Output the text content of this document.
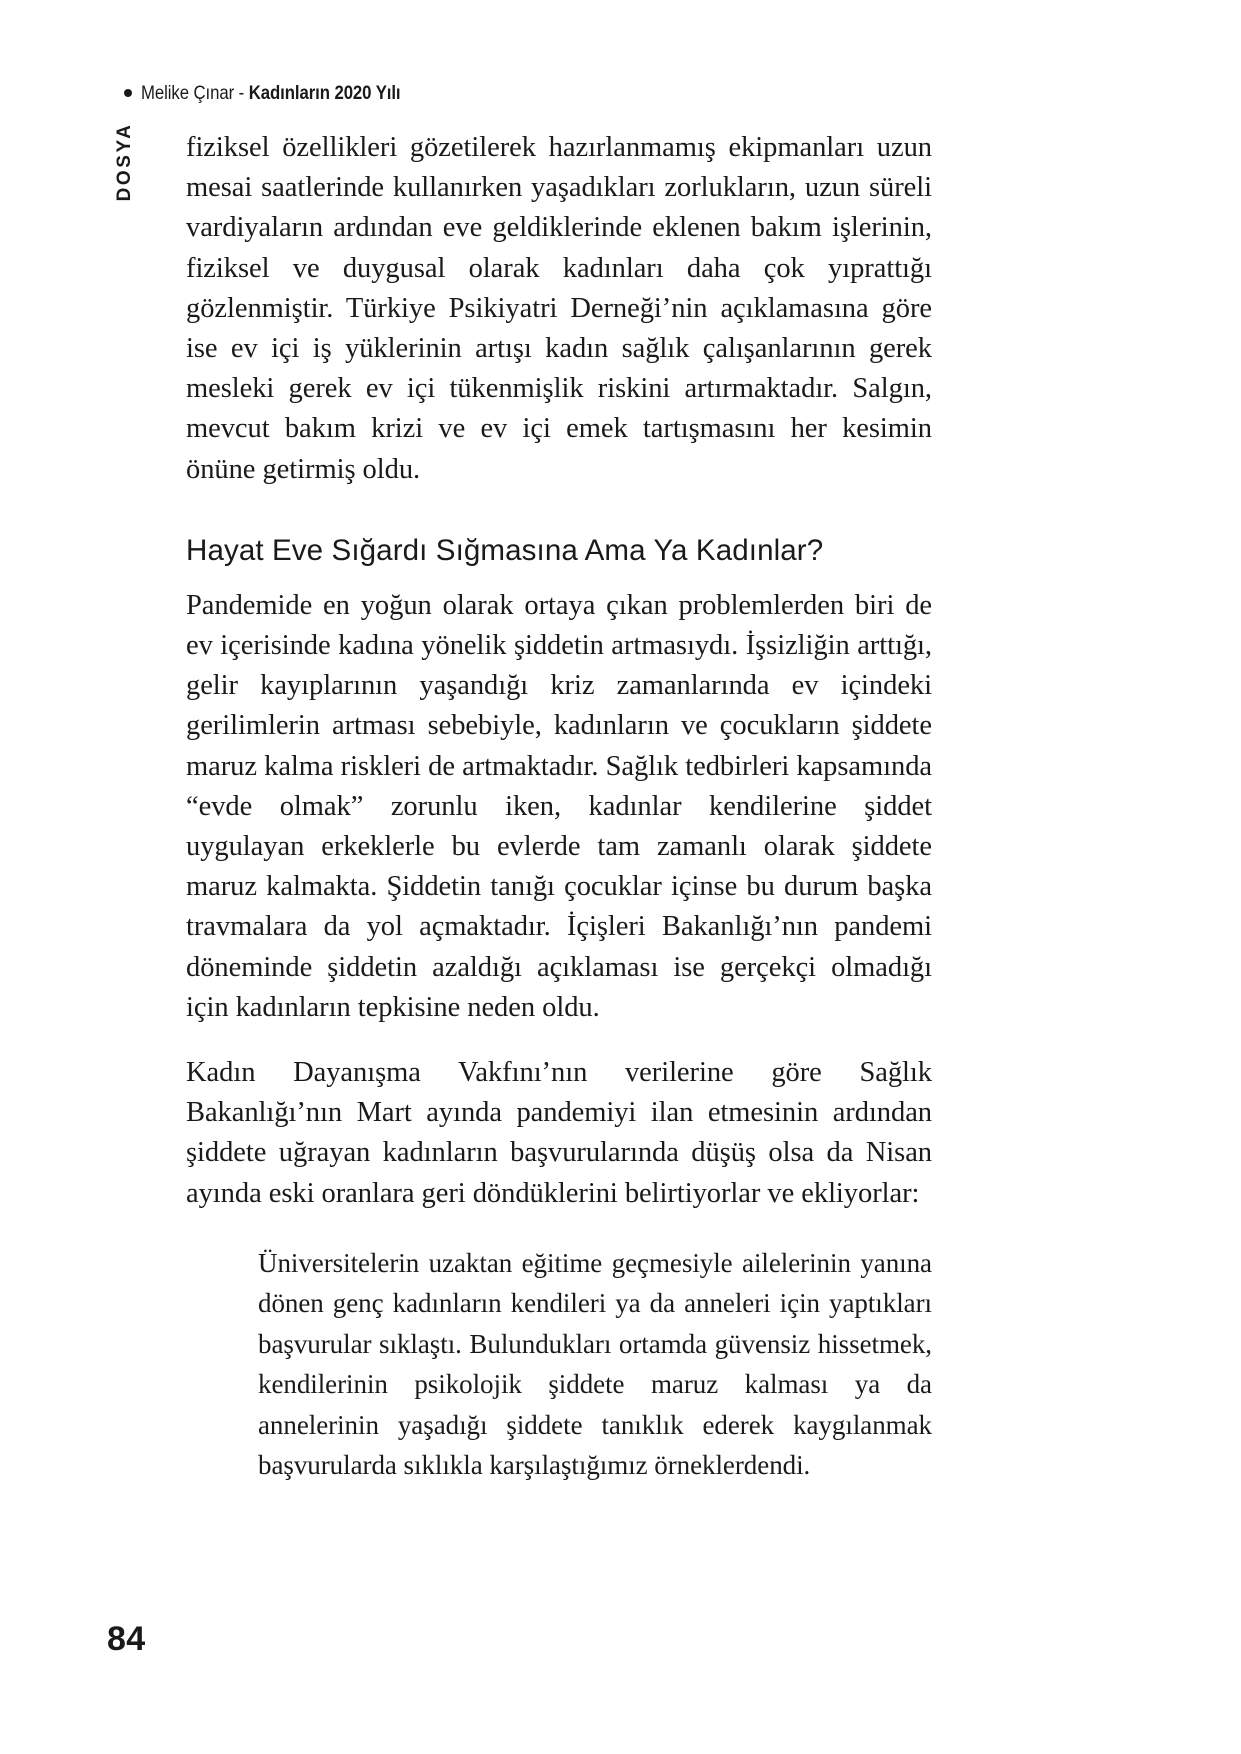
Melike Çınar - Kadınların 2020 Yılı
DOSYA fiziksel özellikleri gözetilerek hazırlanmamış ekipmanları uzun mesai saatlerinde kullanırken yaşadıkları zorlukların, uzun süreli vardiyaların ardından eve geldiklerinde eklenen bakım işlerinin, fiziksel ve duygusal olarak kadınları daha çok yıprattığı gözlenmiştir. Türkiye Psikiyatri Derneği’nin açıklamasına göre ise ev içi iş yüklerinin artışı kadın sağlık çalışanlarının gerek mesleki gerek ev içi tükenmişlik riskini artırmaktadır. Salgın, mevcut bakım krizi ve ev içi emek tartışmasını her kesimin önüne getirmiş oldu.

Hayat Eve Sığardı Sığmasına Ama Ya Kadınlar?

Pandemide en yoğun olarak ortaya çıkan problemlerden biri de ev içerisinde kadına yönelik şiddetin artmasıydı. İşsizliğin arttığı, gelir kayıplarının yaşandığı kriz zamanlarında ev içindeki gerilimlerin artması sebebiyle, kadınların ve çocukların şiddete maruz kalma riskleri de artmaktadır. Sağlık tedbirleri kapsamında “evde olmak” zorunlu iken, kadınlar kendilerine şiddet uygulayan erkeklerle bu evlerde tam zamanlı olarak şiddete maruz kalmakta. Şiddetin tanığı çocuklar içinse bu durum başka travmalara da yol açmaktadır. İçişleri Bakanlığı’nın pandemi döneminde şiddetin azaldığı açıklaması ise gerçekçi olmadığı için kadınların tepkisine neden oldu.

Kadın Dayanışma Vakfını’nın verilerine göre Sağlık Bakanlığı’nın Mart ayında pandemiyi ilan etmesinin ardından şiddete uğrayan kadınların başvurularında düşüş olsa da Nisan ayında eski oranlara geri döndüklerini belirtiyorlar ve ekliyorlar:

Üniversitelerin uzaktan eğitime geçmesiyle ailelerinin yanına dönen genç kadınların kendileri ya da anneleri için yaptıkları başvurular sıklaştı. Bulundukları ortamda güvensiz hissetmek, kendilerinin psikolojik şiddete maruz kalması ya da annelerinin yaşadığı şiddete tanıklık ederek kaygılanmak başvurularda sıklıkla karşılaştığımız örneklerdendi.

84
